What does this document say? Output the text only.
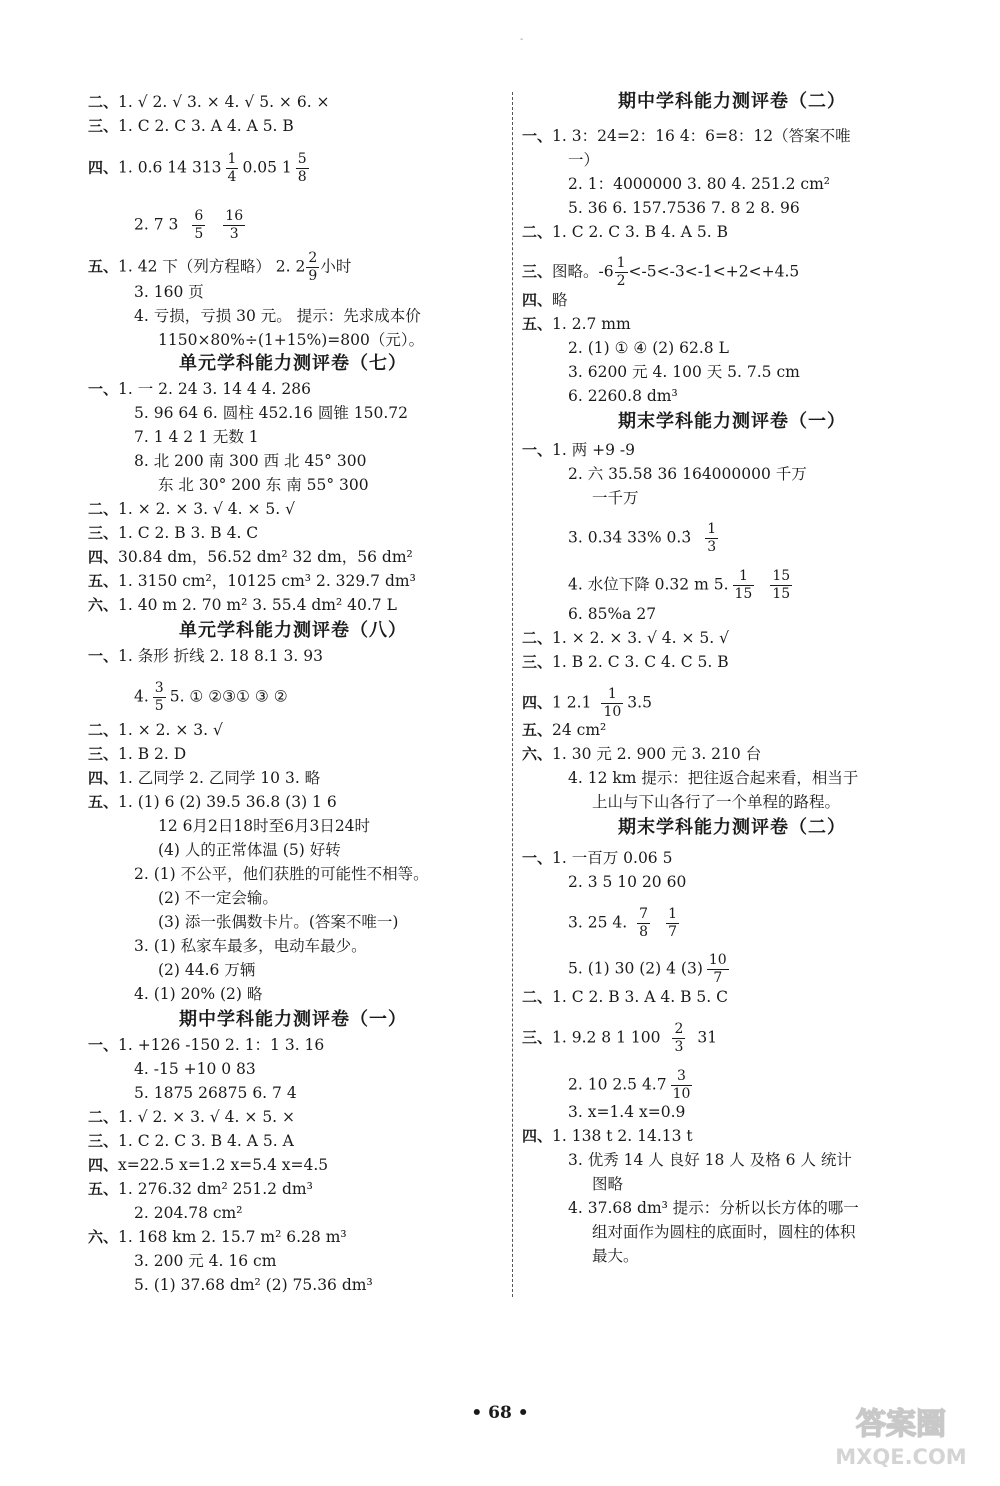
-
二、1. √ 2. √ 3. × 4. √ 5. × 6. ×
三、1. C 2. C 3. A 4. A 5. B
四、1. 0.6 14 $313 \frac{1}{4} 0.05$ $1 \frac{5}{8}$
2. 7 $3 \frac{6}{5} \frac{16}{3}$
五、1. 42 下（列方程略） 2. $2 \frac{2}{9}$ 小时
3. 160 页
4. 亏损，亏损 30 元。 提示：先求成本价
1150×80%÷(1+15%)=800（元）。
单元学科能力测评卷（七）
一、1. 一 2. 24 3. 14 4 4. 286
5. 96 64 6. 圆柱 452.16 圆锥 150.72
7. 1 4 2 1 无数 1
8. 北 200 南 300 西 北 45° 300
东 北 30° 200 东 南 55° 300
二、1. × 2. × 3. √ 4. × 5. √
三、1. C 2. B 3. B 4. C
四、30.84 dm，56.52 dm² 32 dm，56 dm²
五、1. 3150 cm²，10125 cm³ 2. 329.7 dm³
六、1. 40 m 2. 70 m² 3. 55.4 dm² 40.7 L
单元学科能力测评卷（八）
一、1. 条形 折线 2. 18 8.1 3. 93
4. $\frac{3}{5} 5$. ① ②③① ③ ②
二、1. × 2. × 3. √
三、1. B 2. D
四、1. 乙同学 2. 乙同学 10 3. 略
五、1. (1) 6 (2) 39.5 36.8 (3) 1 6
12 6月2日18时至6月3日24时
(4) 人的正常体温 (5) 好转
2. (1) 不公平，他们获胜的可能性不相等。
(2) 不一定会输。
(3) 添一张偶数卡片。(答案不唯一)
3. (1) 私家车最多，电动车最少。
(2) 44.6 万辆
4. (1) 20% (2) 略
期中学科能力测评卷（一）
一、1. +126 -150 2. 1：1 3. 16
4. -15 +10 0 83
5. 1875 26875 6. 7 4
二、1. √ 2. × 3. √ 4. × 5. ×
三、1. C 2. C 3. B 4. A 5. A
四、x=22.5 x=1.2 x=5.4 x=4.5
五、1. 276.32 dm² 251.2 dm³
2. 204.78 cm²
六、1. 168 km 2. 15.7 m² 6.28 m³
3. 200 元 4. 16 cm
5. (1) 37.68 dm² (2) 75.36 dm³
期中学科能力测评卷（二）
一、1. 3：24=2：16 4：6=8：12（答案不唯
一）
2. 1：4000000 3. 80 4. 251.2 cm²
5. 36 6. 157.7536 7. 8 2 8. 96
二、1. C 2. C 3. B 4. A 5. B
三、图略。$-6 \frac{1}{2} <-5<-3<-1<+2<+4.5$
四、略
五、1. 2.7 mm
2. (1) ① ④ (2) 62.8 L
3. 6200 元 4. 100 天 5. 7.5 cm
6. 2260.8 dm³
期末学科能力测评卷（一）
一、1. 两 +9 -9
2. 六 35.58 36 164000000 千万
一千万
3. 0.34 33% 0.3̇ $\frac{1}{3}$
4. 水位下降 0.32 m 5. $\frac{1}{15} \frac{15}{15}$
6. 85%a 27
二、1. × 2. × 3. √ 4. × 5. √
三、1. B 2. C 3. C 4. C 5. B
四、1 $2.1 \frac{1}{10} 3.5$
五、24 cm²
六、1. 30 元 2. 900 元 3. 210 台
4. 12 km 提示：把往返合起来看，相当于
上山与下山各行了一个单程的路程。
期末学科能力测评卷（二）
一、1. 一百万 0.06 5
2. 3 5 10 20 60
3. 25 4. $\frac{7}{8} \frac{1}{7}$
5. (1) 30 (2) 4 $(3) \frac{10}{7}$
二、1. C 2. B 3. A 4. B 5. C
三、1. 9.2 8 1 $100 \frac{2}{3} 31$
2. 10 2.5 $4.7 \frac{3}{10}$
3. x=1.4 x=0.9
四、1. 138 t 2. 14.13 t
3. 优秀 14 人 良好 18 人 及格 6 人 统计
图略
4. 37.68 dm³ 提示：分析以长方体的哪一
组对面作为圆柱的底面时，圆柱的体积
最大。
• 68 •	答案圈
MXQE.COM
